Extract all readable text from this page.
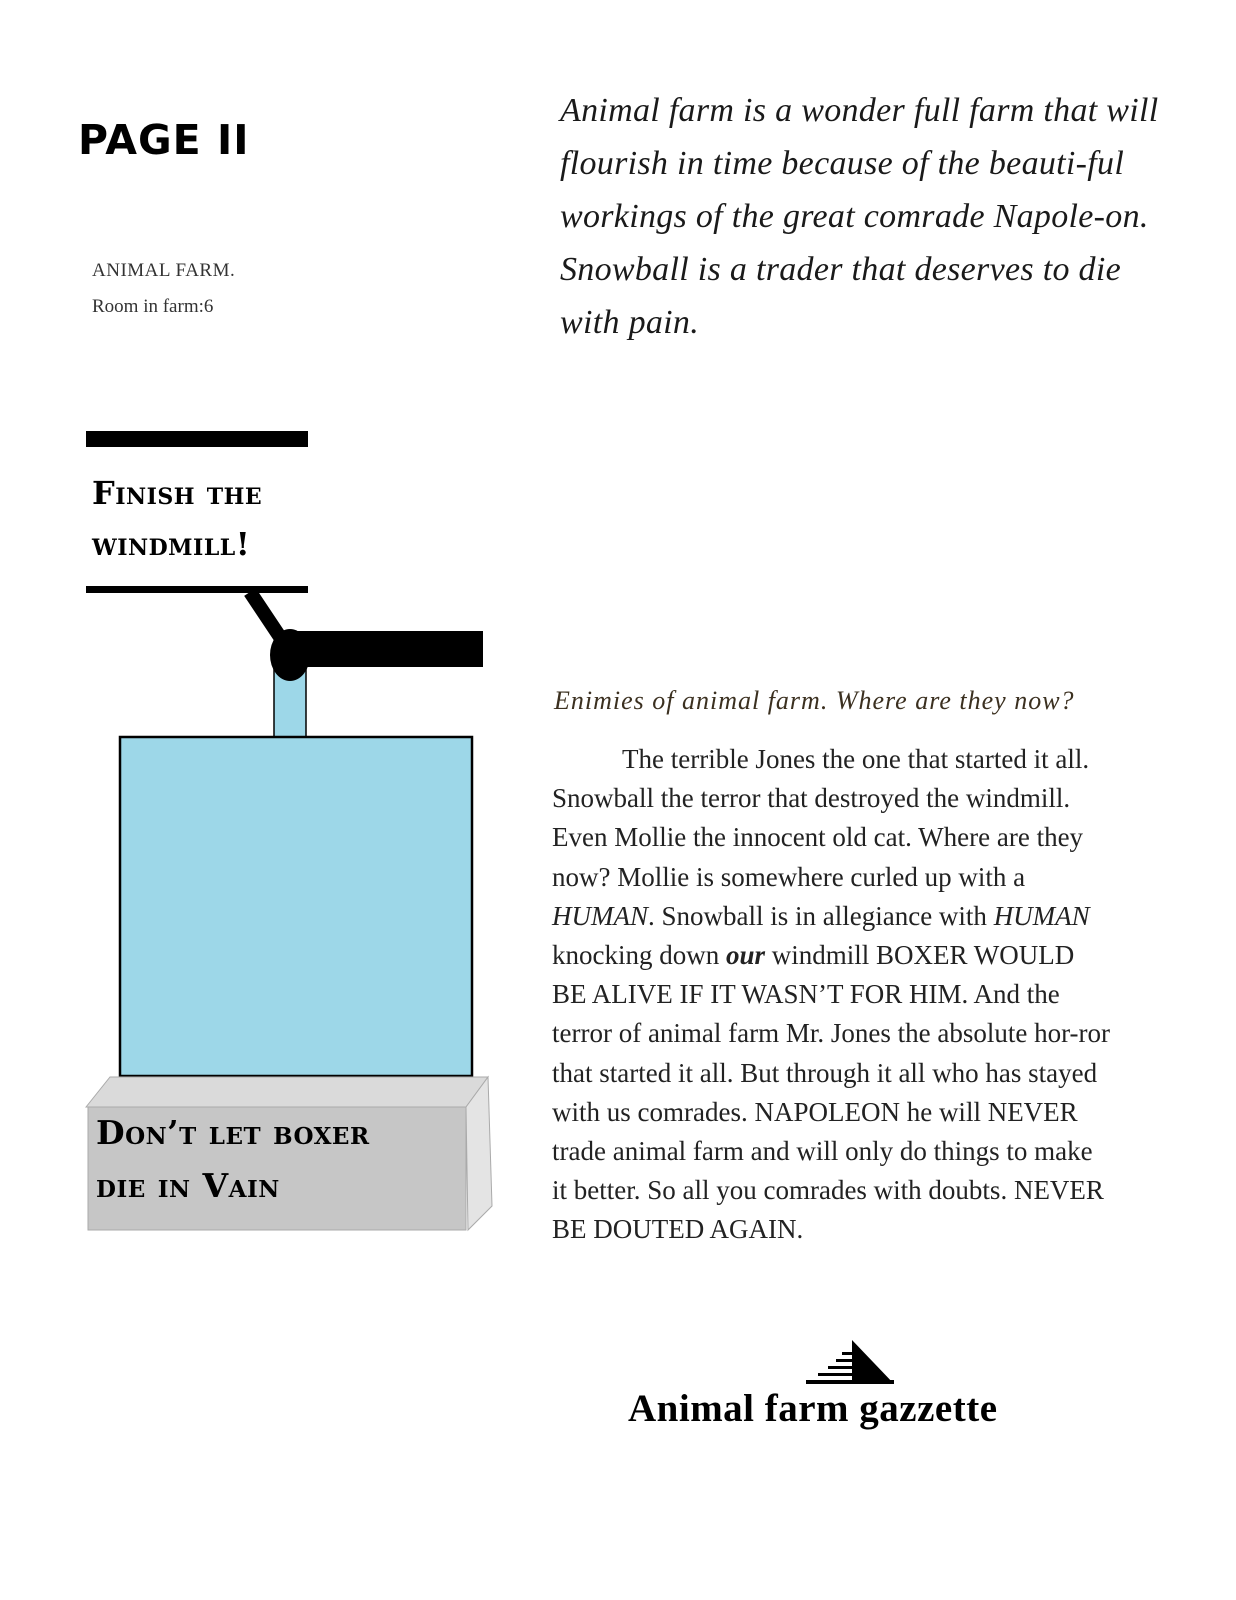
PAGE II
ANIMAL FARM.
Room in farm:6
Animal farm is a wonder full farm that will flourish in time because of the beauti-ful workings of the great comrade Napole-on. Snowball is a trader that deserves to die with pain.
Finish the
windmill!
Don’t let boxer
die in Vain
Enimies of animal farm. Where are they now?

The terrible Jones the one that started it all. Snowball the terror that destroyed the windmill. Even Mollie the innocent old cat. Where are they now? Mollie is somewhere curled up with a HUMAN. Snowball is in allegiance with HUMAN knocking down our windmill BOXER WOULD BE ALIVE IF IT WASN’T FOR HIM. And the terror of animal farm Mr. Jones the absolute hor-ror that started it all. But through it all who has stayed with us comrades. NAPOLEON he will NEVER trade animal farm and will only do things to make it better. So all you comrades with doubts. NEVER BE DOUTED AGAIN.

Animal farm gazzette
